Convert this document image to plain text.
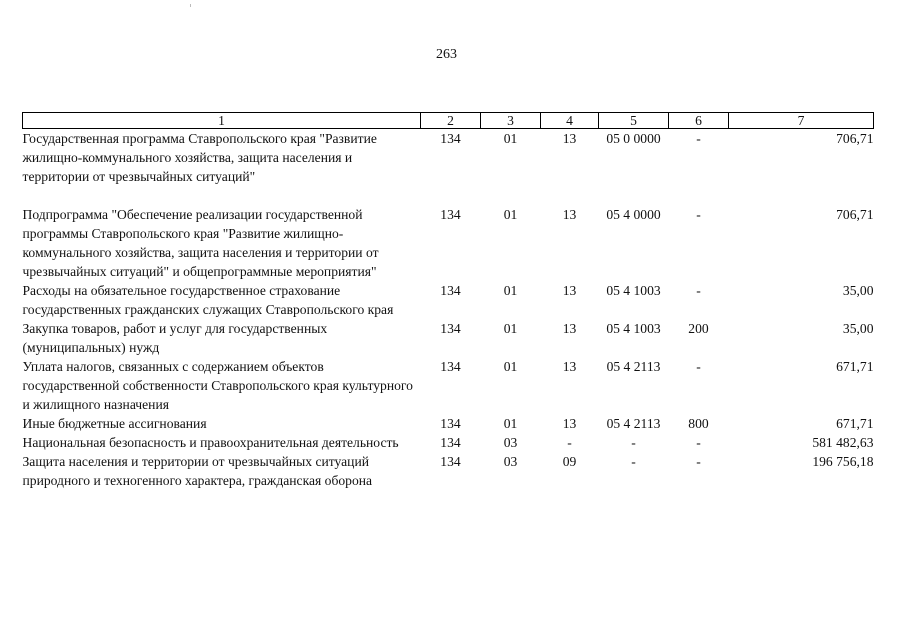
263
1	2	3	4	5	6	7
Государственная программа Ставропольского края "Развитие жилищно-коммунального хозяйства, защита населения и территории от чрезвычайных ситуаций"	134	01	13	05 0 0000	-	706,71

Подпрограмма "Обеспечение реализации государственной программы Ставропольского края "Развитие жилищно-коммунального хозяйства, защита населения и территории от чрезвычайных ситуаций" и общепрограммные мероприятия"	134	01	13	05 4 0000	-	706,71
Расходы на обязательное государственное страхование государственных гражданских служащих Ставропольского края	134	01	13	05 4 1003	-	35,00
Закупка товаров, работ и услуг для государственных (муниципальных) нужд	134	01	13	05 4 1003	200	35,00
Уплата налогов, связанных с содержанием объектов государственной собственности Ставропольского края культурного и жилищного назначения	134	01	13	05 4 2113	-	671,71
Иные бюджетные ассигнования	134	01	13	05 4 2113	800	671,71
Национальная безопасность и правоохранительная деятельность	134	03	-	-	-	581 482,63
Защита населения и территории от чрезвычайных ситуаций природного и техногенного характера, гражданская оборона	134	03	09	-	-	196 756,18
